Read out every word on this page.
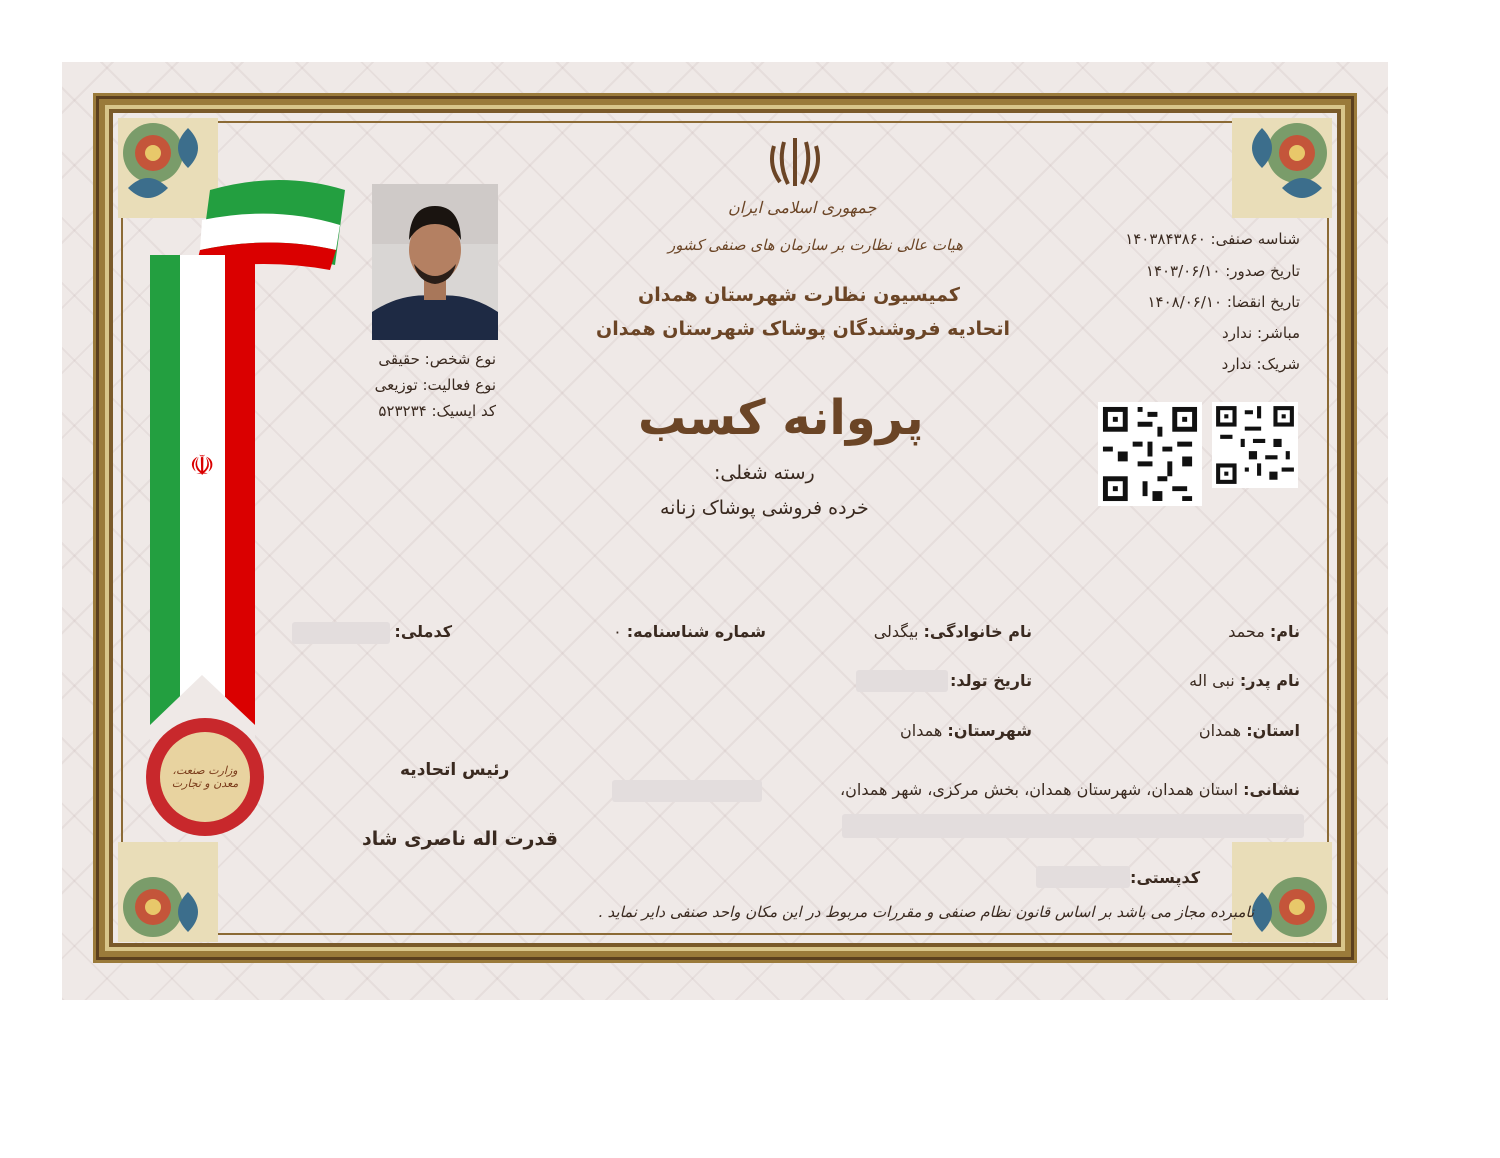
☫
وزارت صنعت، معدن و تجارت
جمهوری اسلامی ایران
هیات عالی نظارت بر سازمان های صنفی کشور
کمیسیون نظارت شهرستان همدان
اتحادیه فروشندگان پوشاک شهرستان همدان
پروانه کسب
رسته شغلی:
خرده فروشی پوشاک زنانه
شناسه صنفی: ۱۴۰۳۸۴۳۸۶۰
تاریخ صدور: ۱۴۰۳/۰۶/۱۰
تاریخ انقضا: ۱۴۰۸/۰۶/۱۰
مباشر: ندارد
شریک: ندارد
نوع شخص: حقیقی
نوع فعالیت: توزیعی
کد ایسیک: ۵۲۳۲۳۴
نام: محمد
نام خانوادگی: بیگدلی
شماره شناسنامه: ۰
کدملی:
نام پدر: نبی اله
تاریخ تولد:
استان: همدان
شهرستان: همدان
نشانی: استان همدان، شهرستان همدان، بخش مرکزی، شهر همدان،
کدپستی:
رئیس اتحادیه
قدرت اله ناصری شاد
نامبرده مجاز می باشد بر اساس قانون نظام صنفی و مقررات مربوط در این مکان واحد صنفی دایر نماید .
